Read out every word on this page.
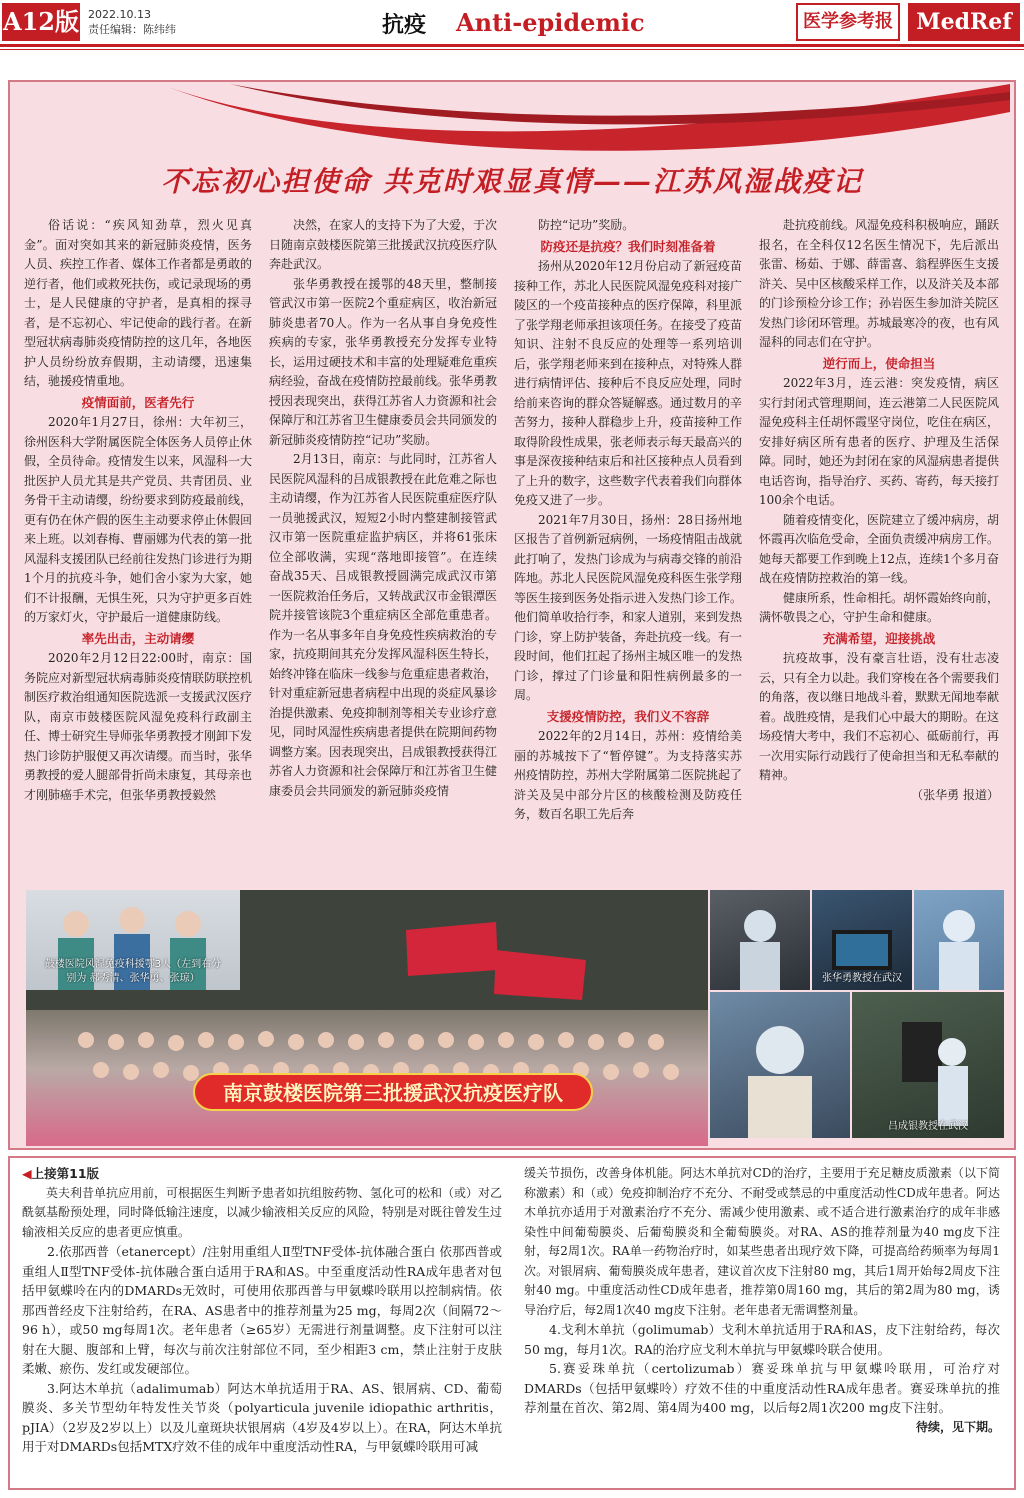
A12版 2022.10.13
责任编辑：陈纬纬	抗疫 Anti-epidemic	医学参考报	MedRef
不忘初心担使命 共克时艰显真情——江苏风湿战疫记

俗话说：“疾风知劲草，烈火见真金”。面对突如其来的新冠肺炎疫情，医务人员、疾控工作者、媒体工作者都是勇敢的逆行者，他们或救死扶伤，或记录现场的勇士，是人民健康的守护者，是真相的探寻者，是不忘初心、牢记使命的践行者。在新型冠状病毒肺炎疫情防控的这几年，各地医护人员纷纷放弃假期，主动请缨，迅速集结，驰援疫情重地。

疫情面前，医者先行

2020年1月27日，徐州：大年初三，徐州医科大学附属医院全体医务人员停止休假，全员待命。疫情发生以来，风湿科一大批医护人员尤其是共产党员、共青团员、业务骨干主动请缨，纷纷要求到防疫最前线，更有仍在休产假的医生主动要求停止休假回来上班。以刘春梅、曹丽娜为代表的第一批风湿科支援团队已经前往发热门诊进行为期1个月的抗疫斗争，她们舍小家为大家，她们不计报酬，无惧生死，只为守护更多百姓的万家灯火，守护最后一道健康防线。

率先出击，主动请缨

2020年2月12日22:00时，南京：国务院应对新型冠状病毒肺炎疫情联防联控机制医疗救治组通知医院选派一支援武汉医疗队，南京市鼓楼医院风湿免疫科行政副主任、博士研究生导师张华勇教授才刚卸下发热门诊防护服便又再次请缨。而当时，张华勇教授的爱人腿部骨折尚未康复，其母亲也才刚肺癌手术完，但张华勇教授毅然

决然，在家人的支持下为了大爱，于次日随南京鼓楼医院第三批援武汉抗疫医疗队奔赴武汉。

张华勇教授在援鄂的48天里，整制接管武汉市第一医院2个重症病区，收治新冠肺炎患者70人。作为一名从事自身免疫性疾病的专家，张华勇教授充分发挥专业特长，运用过硬技术和丰富的处理疑难危重疾病经验，奋战在疫情防控最前线。张华勇教授因表现突出，获得江苏省人力资源和社会保障厅和江苏省卫生健康委员会共同颁发的新冠肺炎疫情防控“记功”奖励。

2月13日，南京：与此同时，江苏省人民医院风湿科的吕成银教授在此危难之际也主动请缨，作为江苏省人民医院重症医疗队一员驰援武汉，短短2小时内整建制接管武汉市第一医院重症监护病区，并将61张床位全部收满，实现“落地即接管”。在连续奋战35天、吕成银教授圆满完成武汉市第一医院救治任务后，又转战武汉市金银潭医院并接管该院3个重症病区全部危重患者。作为一名从事多年自身免疫性疾病救治的专家，抗疫期间其充分发挥风湿科医生特长，始终冲锋在临床一线参与危重症患者救治，针对重症新冠患者病程中出现的炎症风暴诊治提供激素、免疫抑制剂等相关专业诊疗意见，同时风湿性疾病患者提供在院期间药物调整方案。因表现突出，吕成银教授获得江苏省人力资源和社会保障厅和江苏省卫生健康委员会共同颁发的新冠肺炎疫情

防控“记功”奖励。

防疫还是抗疫？我们时刻准备着

扬州从2020年12月份启动了新冠疫苗接种工作，苏北人民医院风湿免疫科对接广陵区的一个疫苗接种点的医疗保障，科里派了张学翔老师承担该项任务。在接受了疫苗知识、注射不良反应的处理等一系列培训后，张学翔老师来到在接种点，对特殊人群进行病情评估、接种后不良反应处理，同时给前来咨询的群众答疑解惑。通过数月的辛苦努力，接种人群稳步上升，疫苗接种工作取得阶段性成果，张老师表示每天最高兴的事是深夜接种结束后和社区接种点人员看到了上升的数字，这些数字代表着我们向群体免疫又进了一步。

2021年7月30日，扬州：28日扬州地区报告了首例新冠病例，一场疫情阻击战就此打响了，发热门诊成为与病毒交锋的前沿阵地。苏北人民医院风湿免疫科医生张学翔等医生接到医务处指示进入发热门诊工作。他们简单收拾行李，和家人道别，来到发热门诊，穿上防护装备，奔赴抗疫一线。有一段时间，他们扛起了扬州主城区唯一的发热门诊，撑过了门诊量和阳性病例最多的一周。

支援疫情防控，我们义不容辞

2022年的2月14日，苏州：疫情给美丽的苏城按下了“暂停键”。为支持落实苏州疫情防控，苏州大学附属第二医院挑起了浒关及吴中部分片区的核酸检测及防疫任务，数百名职工先后奔

赴抗疫前线。风湿免疫科积极响应，踊跃报名，在全科仅12名医生情况下，先后派出张雷、杨茹、于娜、薛雷喜、翁程骅医生支援浒关、吴中区核酸采样工作，以及浒关及本部的门诊预检分诊工作；孙岩医生参加浒关院区发热门诊闭环管理。苏城最寒冷的夜，也有风湿科的同志们在守护。

逆行而上，使命担当

2022年3月，连云港：突发疫情，病区实行封闭式管理期间，连云港第二人民医院风湿免疫科主任胡怀霞坚守岗位，吃住在病区，安排好病区所有患者的医疗、护理及生活保障。同时，她还为封闭在家的风湿病患者提供电话咨询，指导治疗、买药、寄药，每天接打100余个电话。

随着疫情变化，医院建立了缓冲病房，胡怀霞再次临危受命，全面负责缓冲病房工作。她每天都要工作到晚上12点，连续1个多月奋战在疫情防控救治的第一线。

健康所系，性命相托。胡怀霞始终向前，满怀敬畏之心，守护生命和健康。

充满希望，迎接挑战

抗疫故事，没有豪言壮语，没有壮志凌云，只有全力以赴。我们穿梭在各个需要我们的角落，夜以继日地战斗着，默默无闻地奉献着。战胜疫情，是我们心中最大的期盼。在这场疫情大考中，我们不忘初心、砥砺前行，再一次用实际行动践行了使命担当和无私奉献的精神。

（张华勇 报道）

鼓楼医院风湿免疫科援鄂3人（左到右分别为 郝秀清、张华勇、张琼）
南京鼓楼医院第三批援武汉抗疫医疗队
张华勇教授在武汉
吕成银教授在武汉

◀上接第11版

英夫利昔单抗应用前，可根据医生判断予患者如抗组胺药物、氢化可的松和（或）对乙酰氨基酚预处理，同时降低输注速度，以减少输液相关反应的风险，特别是对既往曾发生过输液相关反应的患者更应慎重。

2.依那西普（etanercept）/注射用重组人Ⅱ型TNF受体-抗体融合蛋白 依那西普或重组人Ⅱ型TNF受体-抗体融合蛋白适用于RA和AS。中至重度活动性RA成年患者对包括甲氨蝶呤在内的DMARDs无效时，可使用依那西普与甲氨蝶呤联用以控制病情。依那西普经皮下注射给药，在RA、AS患者中的推荐剂量为25 mg，每周2次（间隔72～96 h），或50 mg每周1次。老年患者（≥65岁）无需进行剂量调整。皮下注射可以注射在大腿、腹部和上臂，每次与前次注射部位不同，至少相距3 cm，禁止注射于皮肤柔嫩、瘀伤、发红或发硬部位。

3.阿达木单抗（adalimumab）阿达木单抗适用于RA、AS、银屑病、CD、葡萄膜炎、多关节型幼年特发性关节炎（polyarticula juvenile idiopathic arthritis，pJIA）（2岁及2岁以上）以及儿童斑块状银屑病（4岁及4岁以上）。在RA，阿达木单抗用于对DMARDs包括MTX疗效不佳的成年中重度活动性RA，与甲氨蝶呤联用可减

缓关节损伤，改善身体机能。阿达木单抗对CD的治疗，主要用于充足糖皮质激素（以下简称激素）和（或）免疫抑制治疗不充分、不耐受或禁忌的中重度活动性CD成年患者。阿达木单抗亦适用于对激素治疗不充分、需减少使用激素、或不适合进行激素治疗的成年非感染性中间葡萄膜炎、后葡萄膜炎和全葡萄膜炎。对RA、AS的推荐剂量为40 mg皮下注射，每2周1次。RA单一药物治疗时，如某些患者出现疗效下降，可提高给药频率为每周1次。对银屑病、葡萄膜炎成年患者，建议首次皮下注射80 mg，其后1周开始每2周皮下注射40 mg。中重度活动性CD成年患者，推荐第0周160 mg，其后的第2周为80 mg，诱导治疗后，每2周1次40 mg皮下注射。老年患者无需调整剂量。

4.戈利木单抗（golimumab）戈利木单抗适用于RA和AS，皮下注射给药，每次50 mg，每月1次。RA的治疗应戈利木单抗与甲氨蝶呤联合使用。

5.赛妥珠单抗（certolizumab）赛妥珠单抗与甲氨蝶呤联用，可治疗对DMARDs（包括甲氨蝶呤）疗效不佳的中重度活动性RA成年患者。赛妥珠单抗的推荐剂量在首次、第2周、第4周为400 mg，以后每2周1次200 mg皮下注射。

待续，见下期。
